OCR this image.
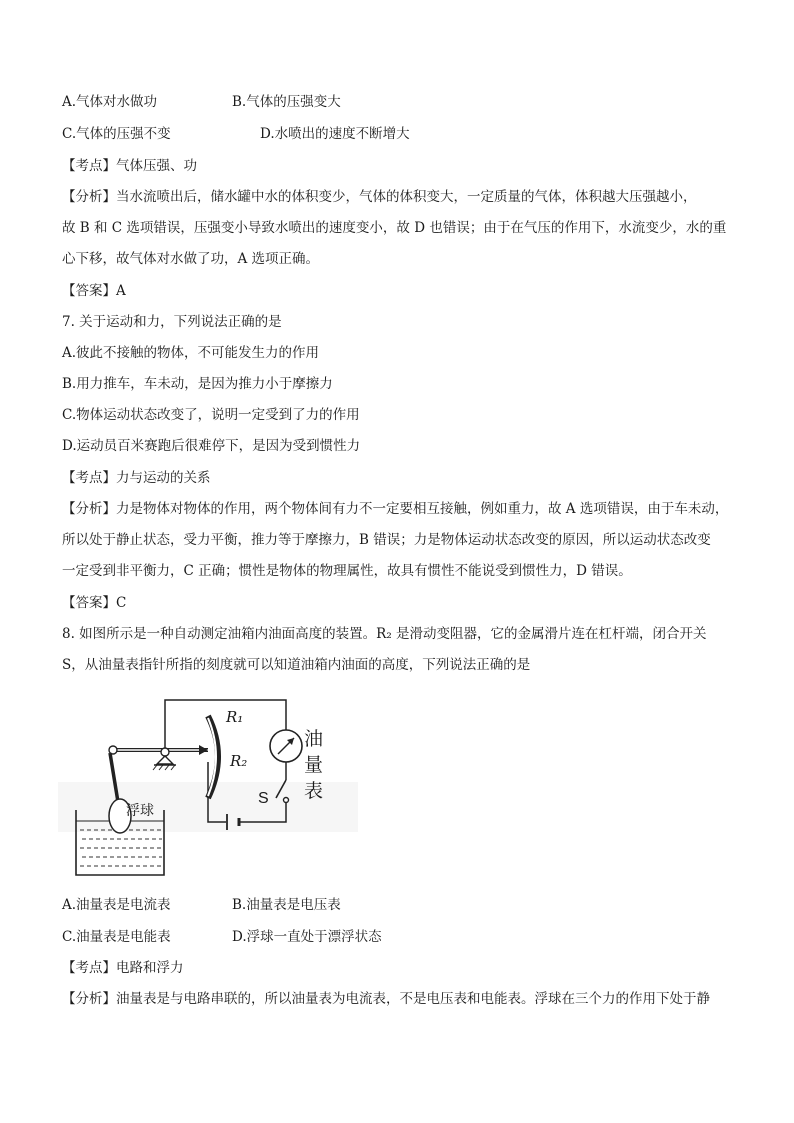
A.气体对水做功	B.气体的压强变大
C.气体的压强不变	D.水喷出的速度不断增大
【考点】气体压强、功
【分析】当水流喷出后，储水罐中水的体积变少，气体的体积变大，一定质量的气体，体积越大压强越小，
故 B 和 C 选项错误，压强变小导致水喷出的速度变小，故 D 也错误；由于在气压的作用下，水流变少，水的重
心下移，故气体对水做了功，A 选项正确。
【答案】A
7. 关于运动和力，下列说法正确的是
A.彼此不接触的物体，不可能发生力的作用
B.用力推车，车未动，是因为推力小于摩擦力
C.物体运动状态改变了，说明一定受到了力的作用
D.运动员百米赛跑后很难停下，是因为受到惯性力
【考点】力与运动的关系
【分析】力是物体对物体的作用，两个物体间有力不一定要相互接触，例如重力，故 A 选项错误，由于车未动，
所以处于静止状态，受力平衡，推力等于摩擦力，B 错误；力是物体运动状态改变的原因，所以运动状态改变
一定受到非平衡力，C 正确；惯性是物体的物理属性，故具有惯性不能说受到惯性力，D 错误。
【答案】C
8. 如图所示是一种自动测定油箱内油面高度的装置。R₂ 是滑动变阻器，它的金属滑片连在杠杆端，闭合开关
S，从油量表指针所指的刻度就可以知道油箱内油面的高度，下列说法正确的是
R₁
R₂
油
量
表
S
浮球
A.油量表是电流表	B.油量表是电压表
C.油量表是电能表	D.浮球一直处于漂浮状态
【考点】电路和浮力
【分析】油量表是与电路串联的，所以油量表为电流表，不是电压表和电能表。浮球在三个力的作用下处于静
